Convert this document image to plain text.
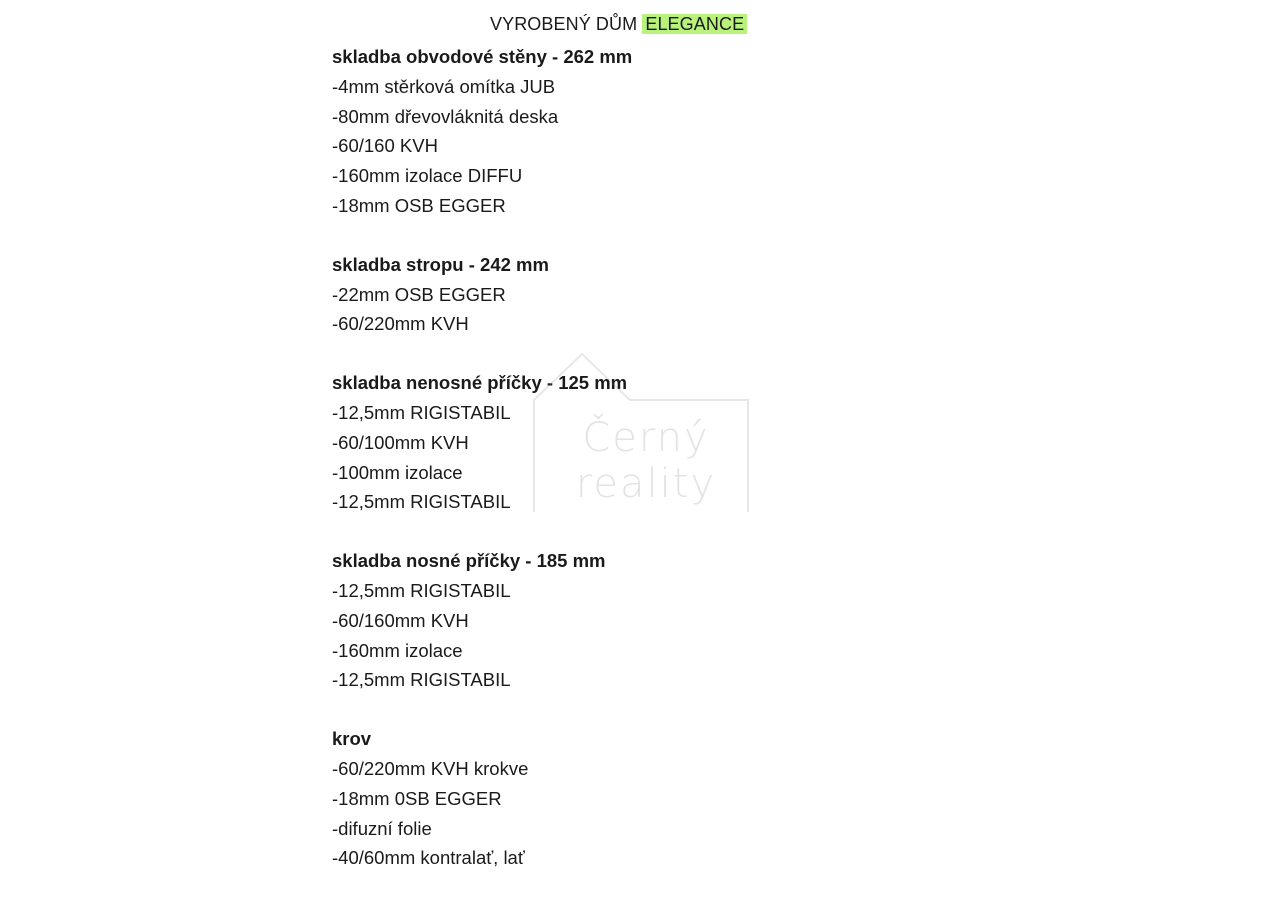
VYROBENÝ DŮM ELEGANCE
skladba obvodové stěny - 262 mm
-4mm stěrková omítka JUB
-80mm dřevovláknitá deska
-60/160 KVH
-160mm izolace DIFFU
-18mm OSB EGGER
skladba stropu - 242 mm
-22mm OSB EGGER
-60/220mm KVH
skladba nenosné příčky - 125 mm
-12,5mm RIGISTABIL
-60/100mm KVH
-100mm izolace
-12,5mm RIGISTABIL
skladba nosné příčky - 185 mm
-12,5mm RIGISTABIL
-60/160mm KVH
-160mm izolace
-12,5mm RIGISTABIL
krov
-60/220mm KVH krokve
-18mm 0SB EGGER
-difuzní folie
-40/60mm kontralať, lať
Černý
reality
